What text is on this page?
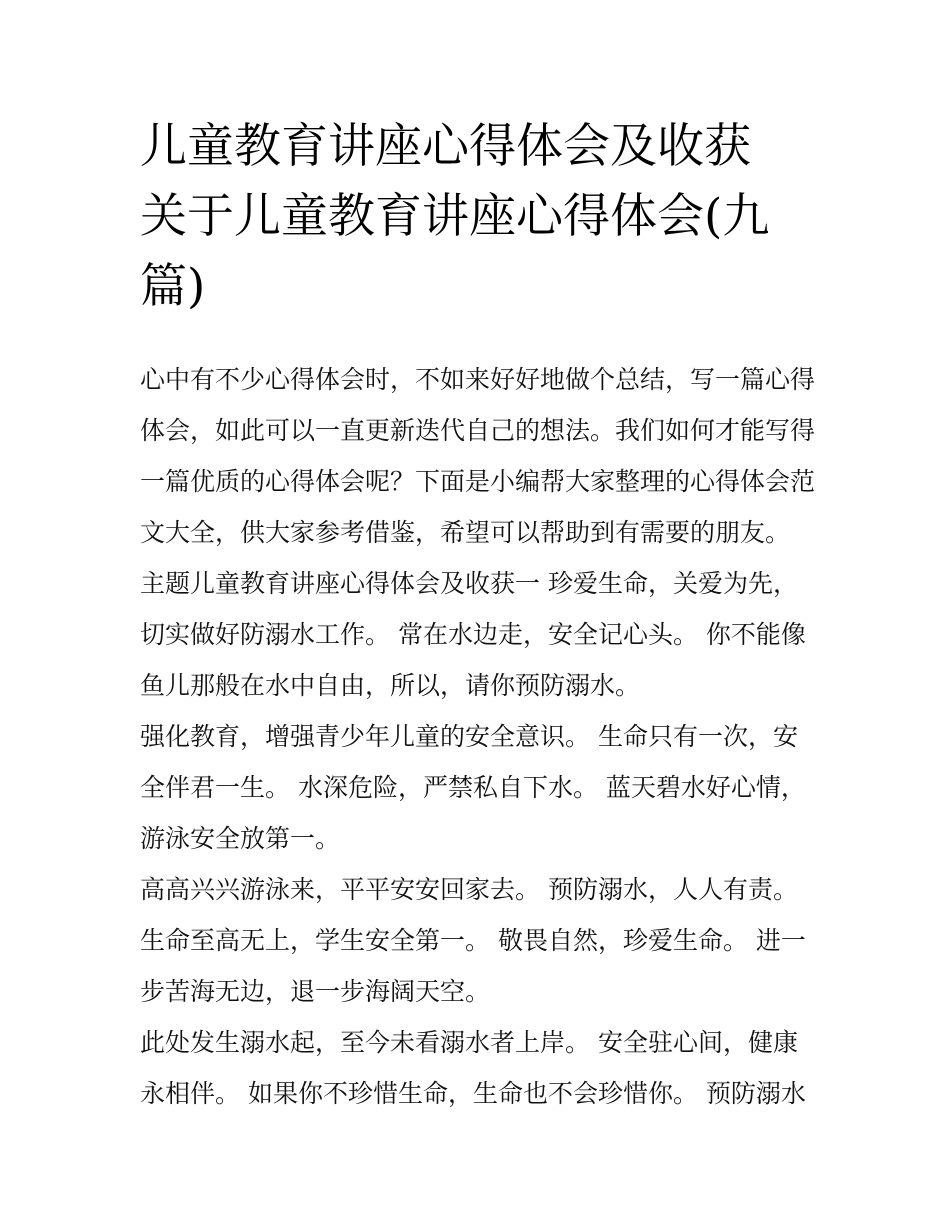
儿童教育讲座心得体会及收获
关于儿童教育讲座心得体会(九
篇)
心中有不少心得体会时，不如来好好地做个总结，写一篇心得
体会，如此可以一直更新迭代自己的想法。我们如何才能写得
一篇优质的心得体会呢？下面是小编帮大家整理的心得体会范
文大全，供大家参考借鉴，希望可以帮助到有需要的朋友。
主题儿童教育讲座心得体会及收获一 珍爱生命，关爱为先，
切实做好防溺水工作。 常在水边走，安全记心头。 你不能像
鱼儿那般在水中自由，所以，请你预防溺水。
强化教育，增强青少年儿童的安全意识。 生命只有一次，安
全伴君一生。 水深危险，严禁私自下水。 蓝天碧水好心情，
游泳安全放第一。
高高兴兴游泳来，平平安安回家去。 预防溺水，人人有责。
生命至高无上，学生安全第一。 敬畏自然，珍爱生命。 进一
步苦海无边，退一步海阔天空。
此处发生溺水起，至今未看溺水者上岸。 安全驻心间，健康
永相伴。 如果你不珍惜生命，生命也不会珍惜你。 预防溺水
